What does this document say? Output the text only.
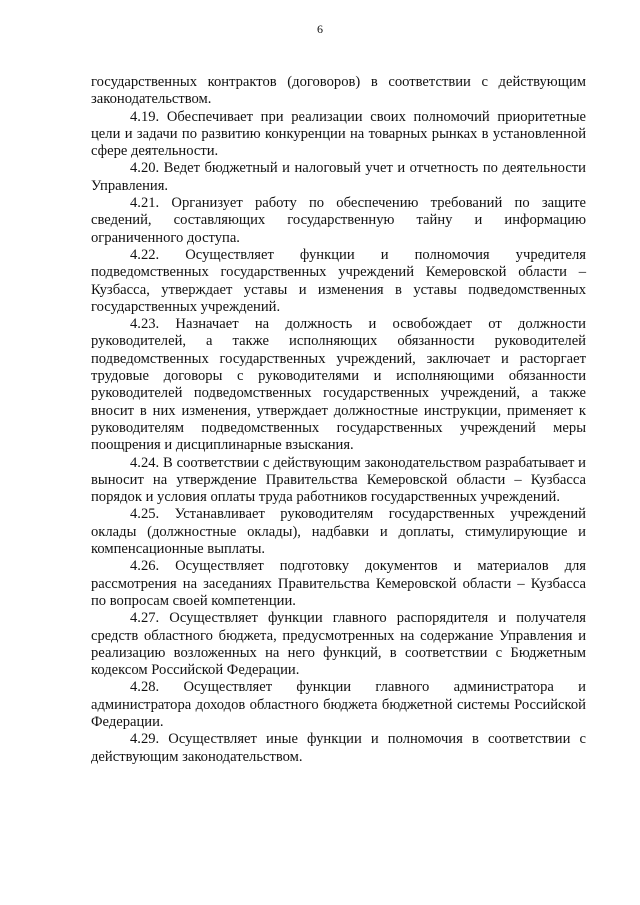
6

государственных контрактов (договоров) в соответствии с действующим законодательством.

4.19. Обеспечивает при реализации своих полномочий приоритетные цели и задачи по развитию конкуренции на товарных рынках в установленной сфере деятельности.

4.20. Ведет бюджетный и налоговый учет и отчетность по деятельности Управления.

4.21. Организует работу по обеспечению требований по защите сведений, составляющих государственную тайну и информацию ограниченного доступа.

4.22. Осуществляет функции и полномочия учредителя подведомственных государственных учреждений Кемеровской области – Кузбасса, утверждает уставы и изменения в уставы подведомственных государственных учреждений.

4.23. Назначает на должность и освобождает от должности руководителей, а также исполняющих обязанности руководителей подведомственных государственных учреждений, заключает и расторгает трудовые договоры с руководителями и исполняющими обязанности руководителей подведомственных государственных учреждений, а также вносит в них изменения, утверждает должностные инструкции, применяет к руководителям подведомственных государственных учреждений меры поощрения и дисциплинарные взыскания.

4.24. В соответствии с действующим законодательством разрабатывает и выносит на утверждение Правительства Кемеровской области – Кузбасса порядок и условия оплаты труда работников государственных учреждений.

4.25. Устанавливает руководителям государственных учреждений оклады (должностные оклады), надбавки и доплаты, стимулирующие и компенсационные выплаты.

4.26. Осуществляет подготовку документов и материалов для рассмотрения на заседаниях Правительства Кемеровской области – Кузбасса по вопросам своей компетенции.

4.27. Осуществляет функции главного распорядителя и получателя средств областного бюджета, предусмотренных на содержание Управления и реализацию возложенных на него функций, в соответствии с Бюджетным кодексом Российской Федерации.

4.28. Осуществляет функции главного администратора и администратора доходов областного бюджета бюджетной системы Российской Федерации.

4.29. Осуществляет иные функции и полномочия в соответствии с действующим законодательством.
